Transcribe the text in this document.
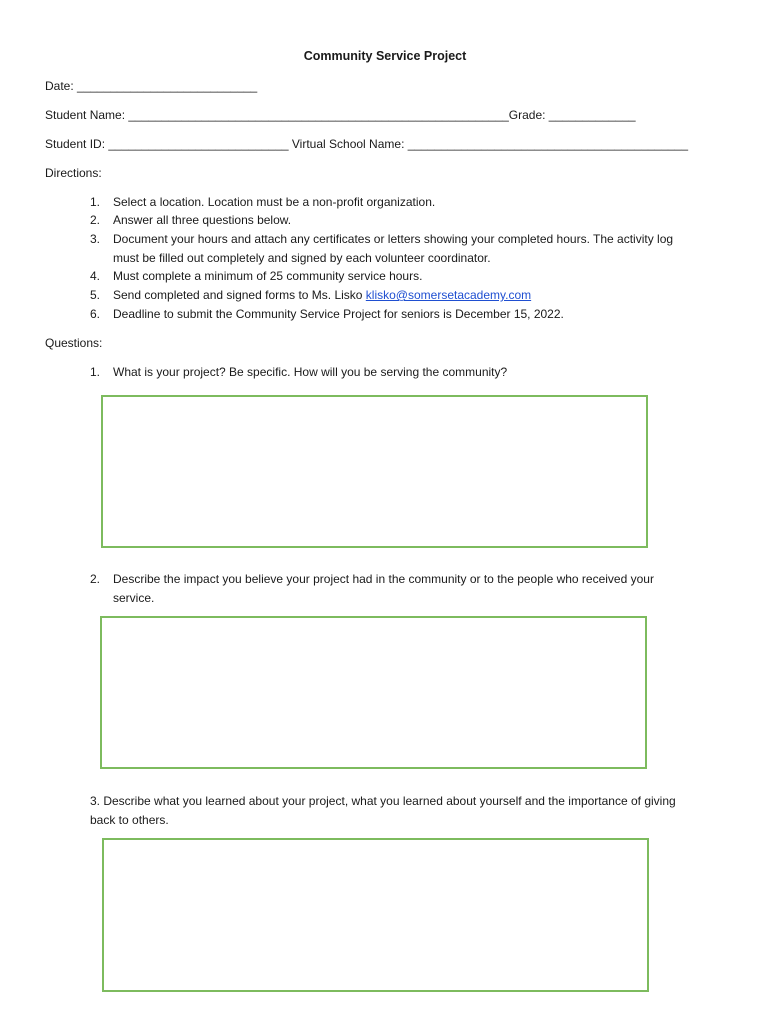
Community Service Project
Date: ___________________________
Student Name: _________________________________________________________Grade: _____________
Student ID: ___________________________ Virtual School Name: __________________________________________
Directions:
1.	Select a location. Location must be a non-profit organization.
2.	Answer all three questions below.
3.	Document your hours and attach any certificates or letters showing your completed hours. The activity log
must be filled out completely and signed by each volunteer coordinator.
4.	Must complete a minimum of 25 community service hours.
5.	Send completed and signed forms to Ms. Lisko klisko@somersetacademy.com
6.	Deadline to submit the Community Service Project for seniors is December 15, 2022.
Questions:
1.	What is your project? Be specific. How will you be serving the community?
2.	Describe the impact you believe your project had in the community or to the people who received your
service.
3. Describe what you learned about your project, what you learned about yourself and the importance of giving
back to others.
